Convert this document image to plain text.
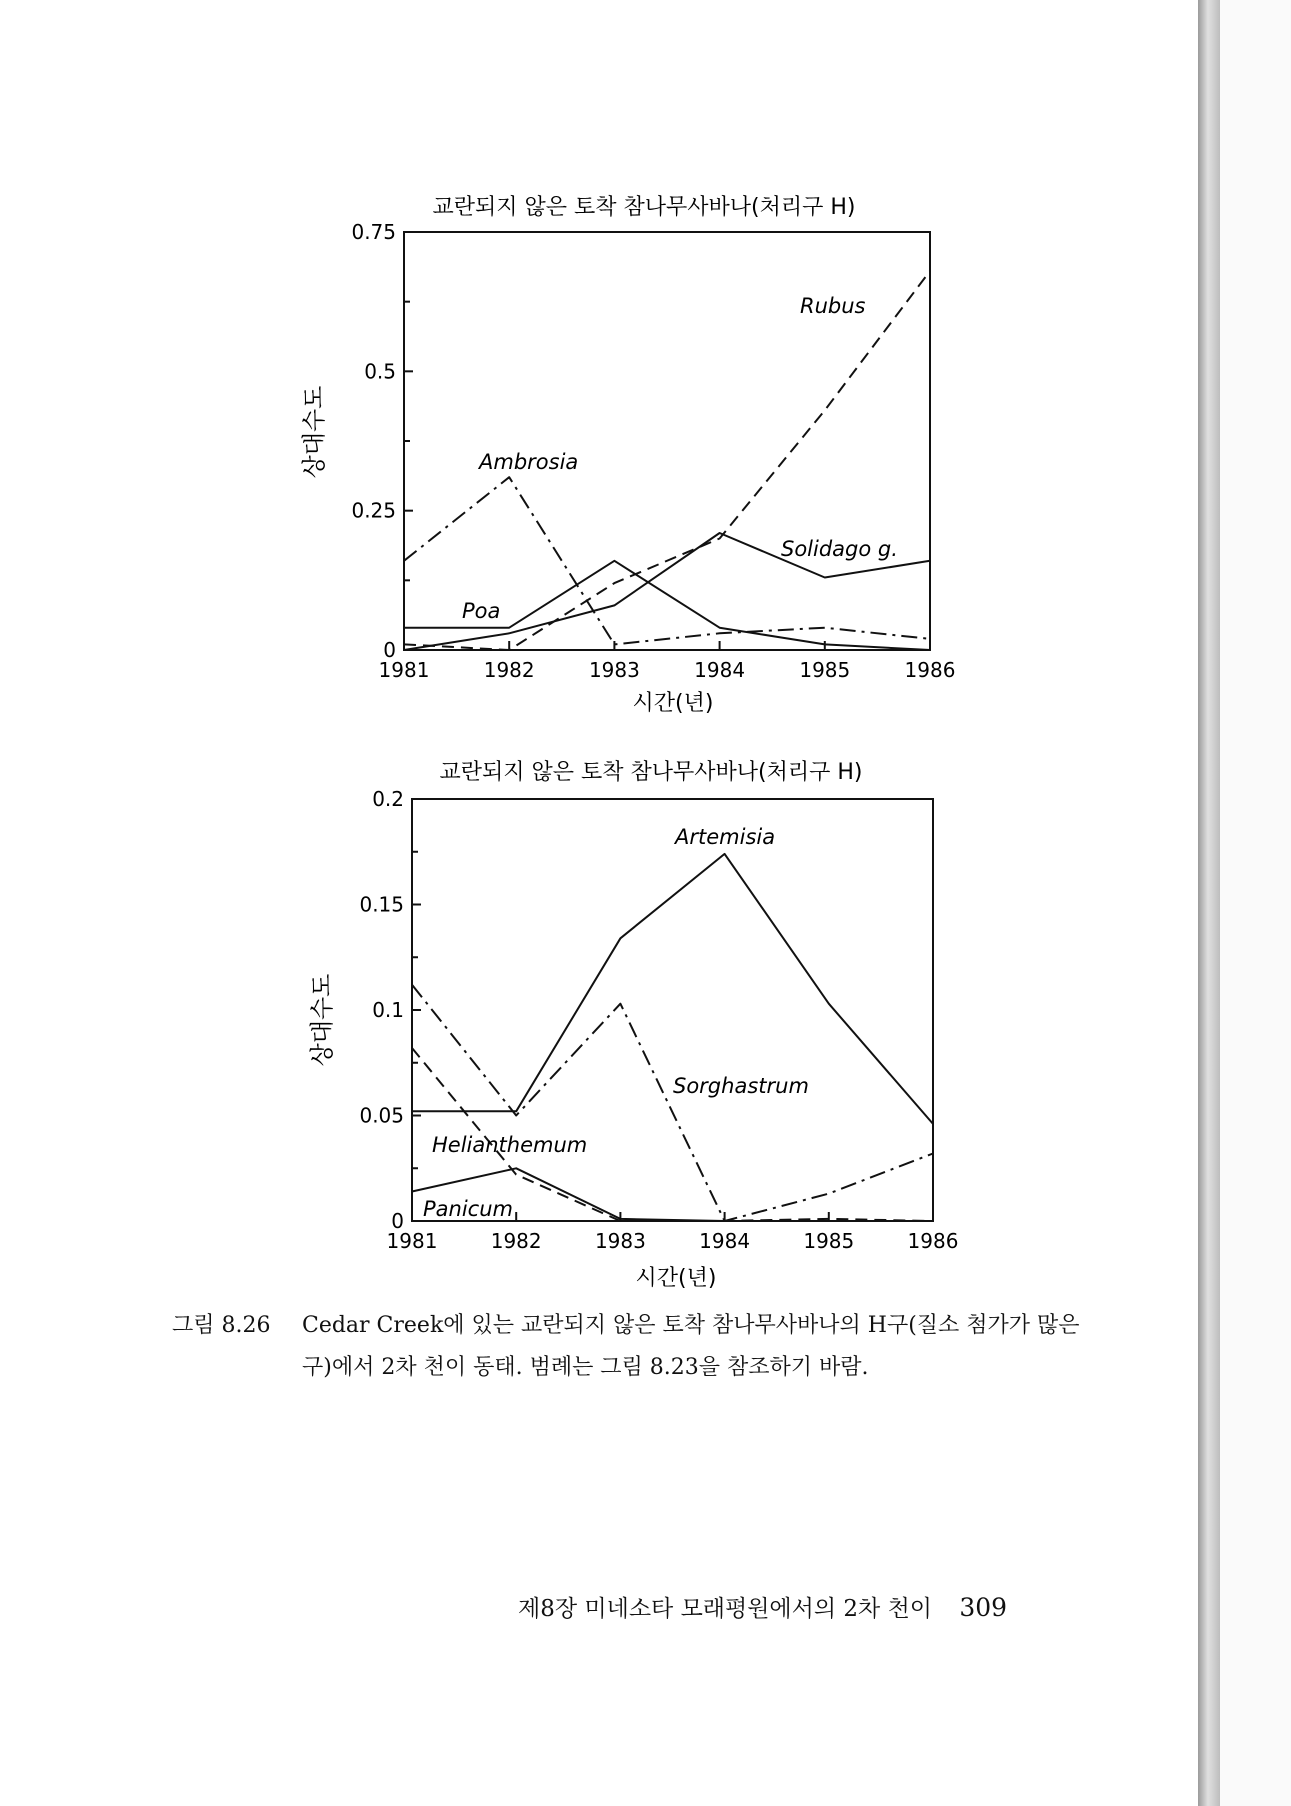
교란되지 않은 토착 참나무사바나(처리구 H)
상대수도
시간(년)
0
0.25
0.5
0.75
1981	1982	1983	1984	1985	1986
Rubus
Ambrosia
Solidago g.
Poa
교란되지 않은 토착 참나무사바나(처리구 H)
상대수도
시간(년)
0
0.05
0.1
0.15
0.2
1981	1982	1983	1984	1985	1986
Artemisia
Sorghastrum
Helianthemum
Panicum
그림 8.26 Cedar Creek에 있는 교란되지 않은 토착 참나무사바나의 H구(질소 첨가가 많은 구)에서 2차 천이 동태. 범례는 그림 8.23을 참조하기 바람.
제8장 미네소타 모래평원에서의 2차 천이 309
